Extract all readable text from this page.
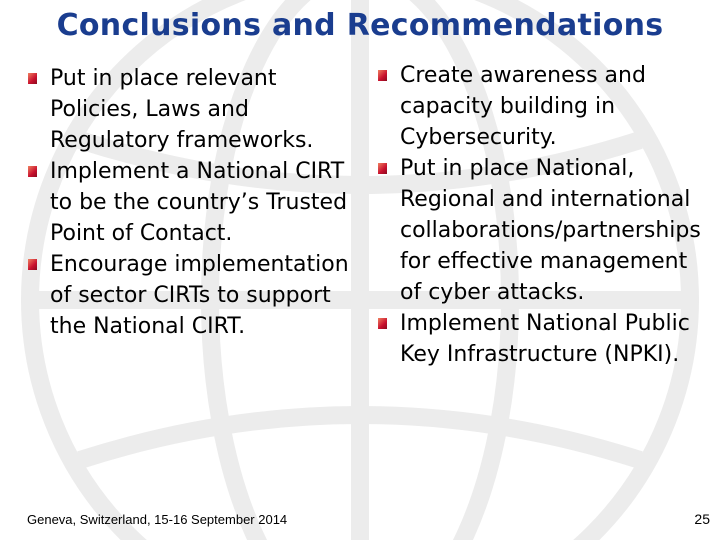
Conclusions and Recommendations
Put in place relevant Policies, Laws and Regulatory frameworks.
Implement a National CIRT to be the country’s Trusted Point of Contact.
Encourage implementation of sector CIRTs to support the National CIRT.
Create awareness and capacity building in Cybersecurity.
Put in place National, Regional and international collaborations/partnerships for effective management of cyber attacks.
Implement National Public Key Infrastructure (NPKI).
Geneva, Switzerland, 15-16 September 2014	25
